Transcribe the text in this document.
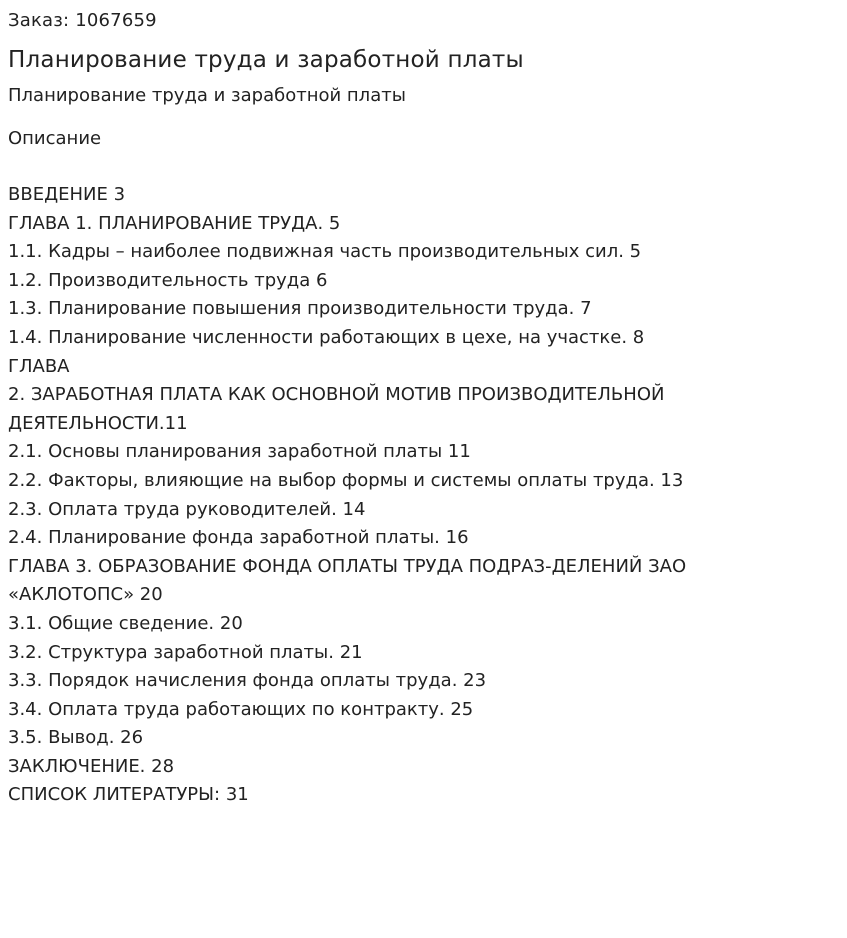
Заказ: 1067659

Планирование труда и заработной платы

Планирование труда и заработной платы

Описание

ВВЕДЕНИЕ 3
ГЛАВА 1. ПЛАНИРОВАНИЕ ТРУДА. 5
1.1. Кадры – наиболее подвижная часть производительных сил. 5
1.2. Производительность труда 6
1.3. Планирование повышения производительности труда. 7
1.4. Планирование численности работающих в цехе, на участке. 8
ГЛАВА
2. ЗАРАБОТНАЯ ПЛАТА КАК ОСНОВНОЙ МОТИВ ПРОИЗВОДИТЕЛЬНОЙ
ДЕЯТЕЛЬНОСТИ.11
2.1. Основы планирования заработной платы 11
2.2. Факторы, влияющие на выбор формы и системы оплаты труда. 13
2.3. Оплата труда руководителей. 14
2.4. Планирование фонда заработной платы. 16
ГЛАВА 3. ОБРАЗОВАНИЕ ФОНДА ОПЛАТЫ ТРУДА ПОДРАЗ-ДЕЛЕНИЙ ЗАО
«АКЛОТОПС» 20
3.1. Общие сведение. 20
3.2. Структура заработной платы. 21
3.3. Порядок начисления фонда оплаты труда. 23
3.4. Оплата труда работающих по контракту. 25
3.5. Вывод. 26
ЗАКЛЮЧЕНИЕ. 28
СПИСОК ЛИТЕРАТУРЫ: 31
